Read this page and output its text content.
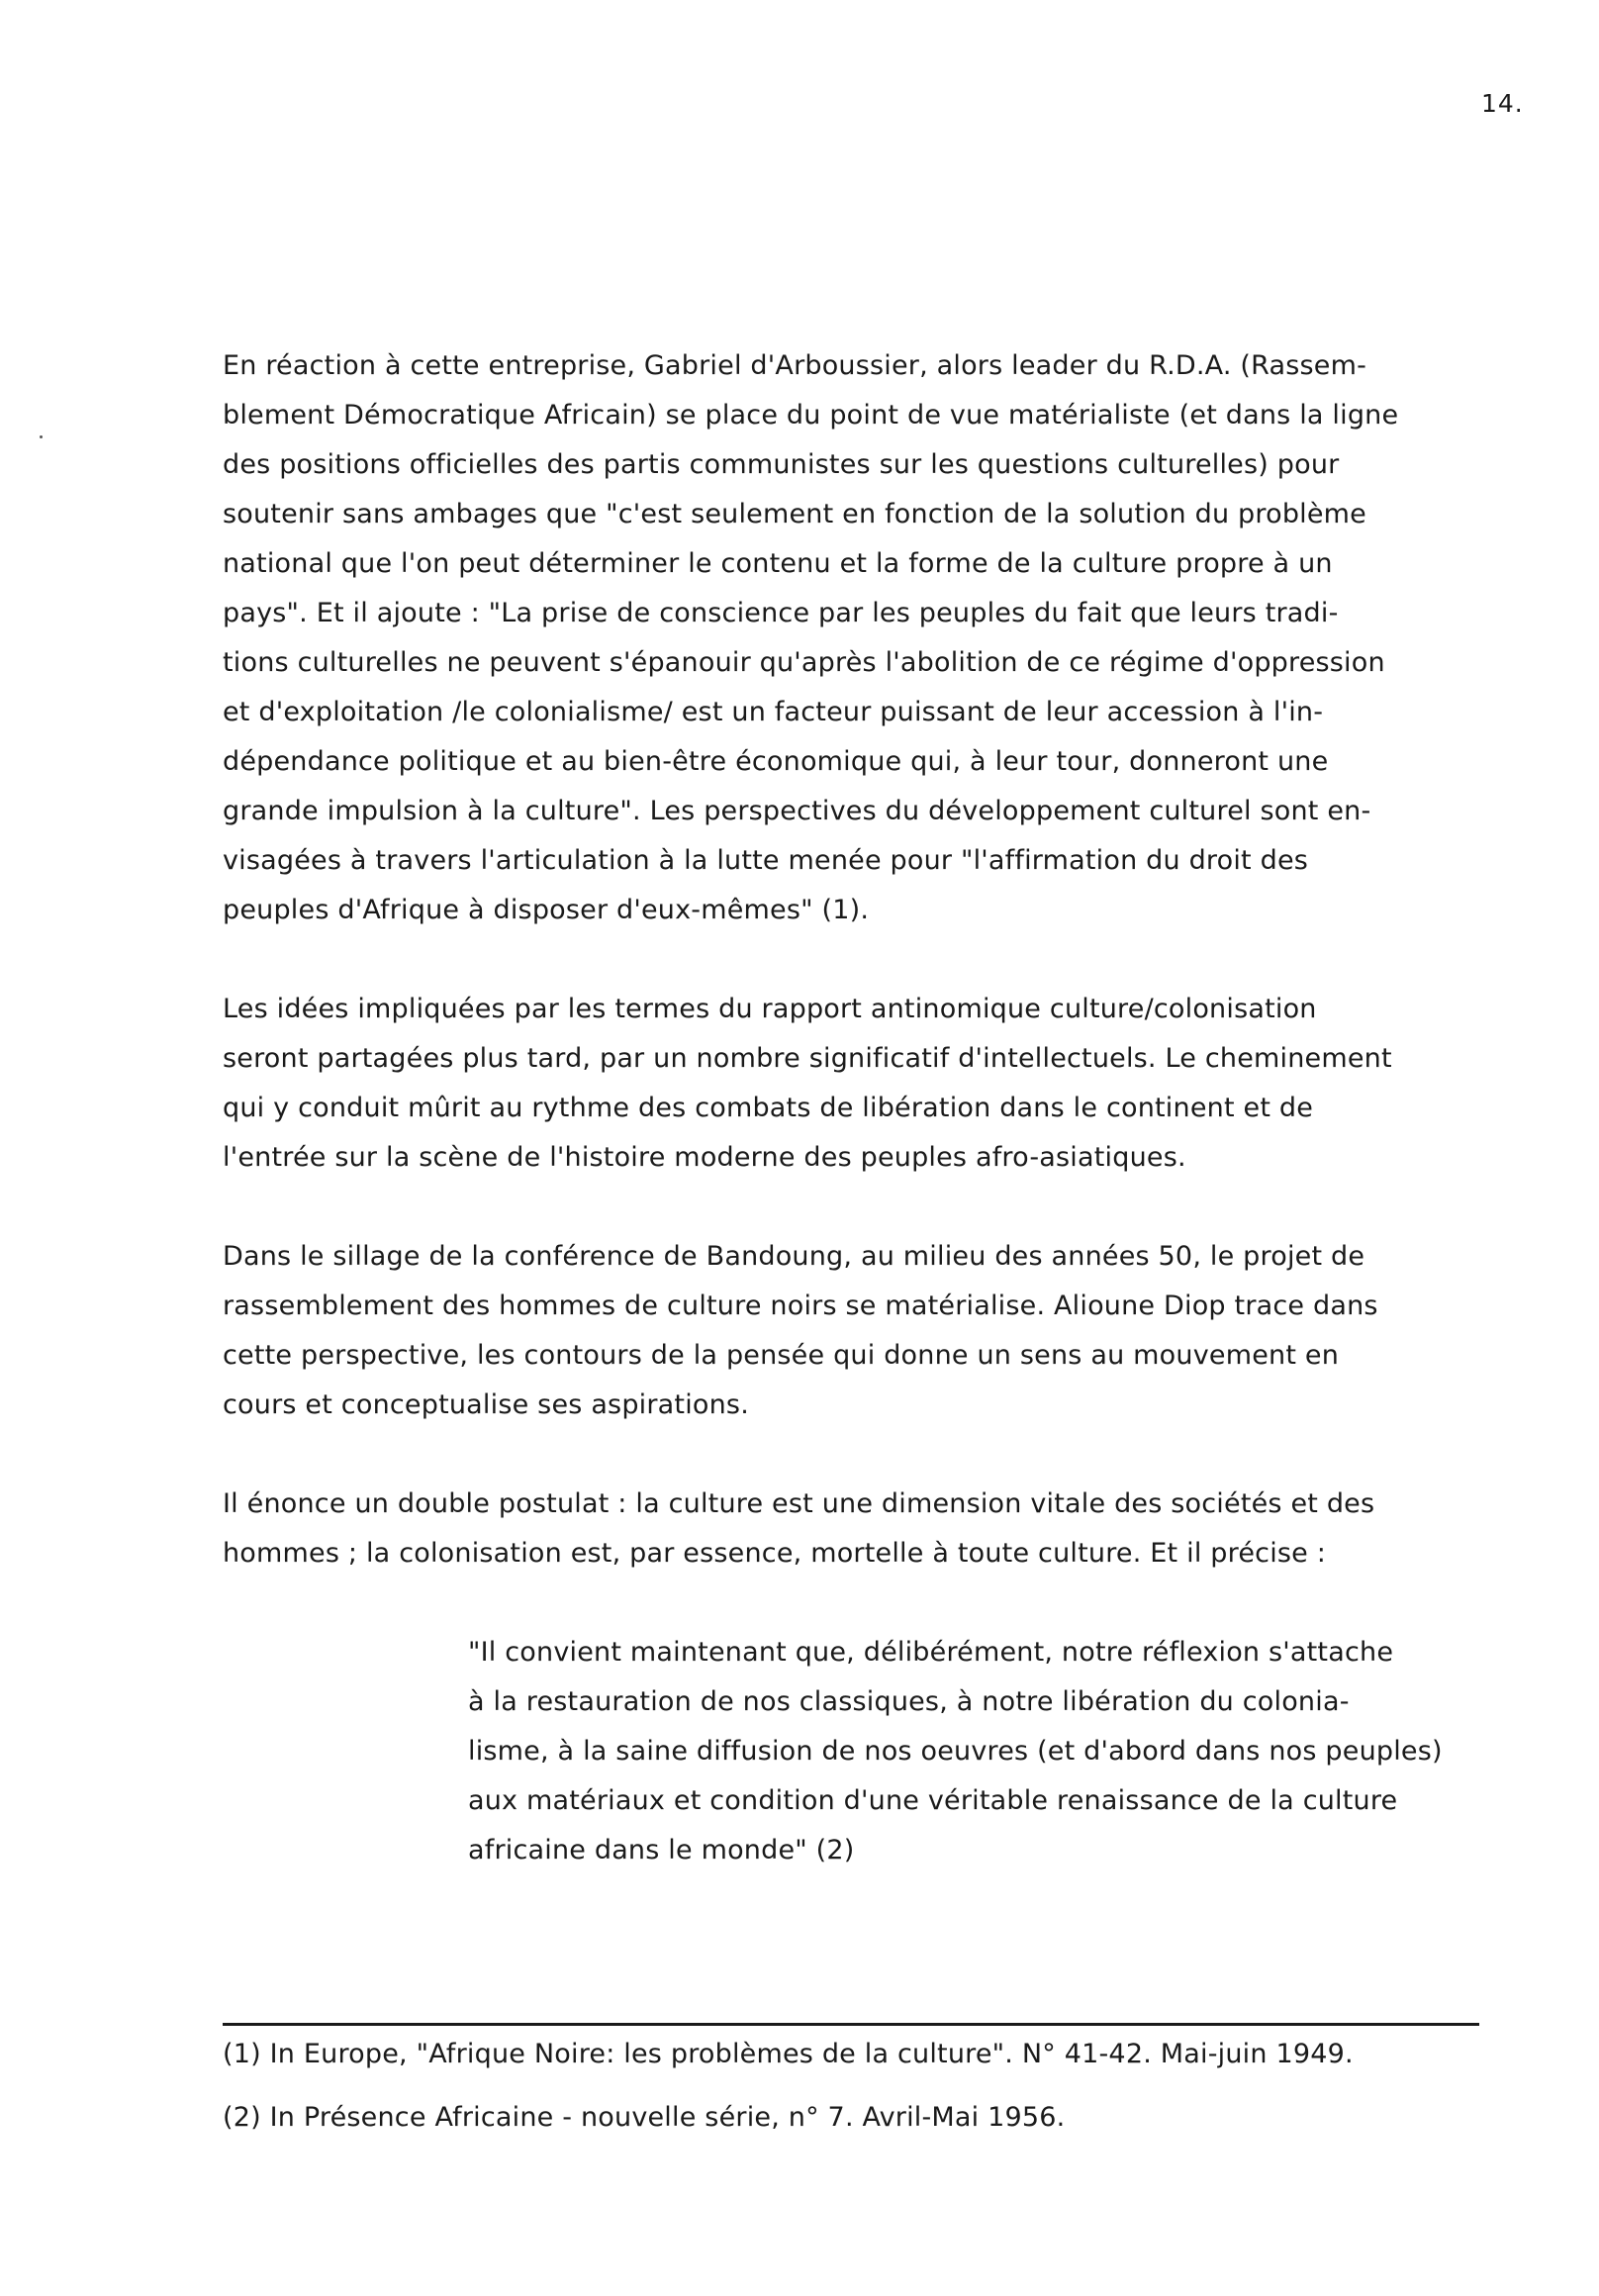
14.
En réaction à cette entreprise, Gabriel d'Arboussier, alors leader du R.D.A. (Rassem-
blement Démocratique Africain) se place du point de vue matérialiste (et dans la ligne
des positions officielles des partis communistes sur les questions culturelles) pour
soutenir sans ambages que "c'est seulement en fonction de la solution du problème
national que l'on peut déterminer le contenu et la forme de la culture propre à un
pays". Et il ajoute : "La prise de conscience par les peuples du fait que leurs tradi-
tions culturelles ne peuvent s'épanouir qu'après l'abolition de ce régime d'oppression
et d'exploitation /le colonialisme/ est un facteur puissant de leur accession à l'in-
dépendance politique et au bien-être économique qui, à leur tour, donneront une
grande impulsion à la culture". Les perspectives du développement culturel sont en-
visagées à travers l'articulation à la lutte menée pour "l'affirmation du droit des
peuples d'Afrique à disposer d'eux-mêmes" (1).
Les idées impliquées par les termes du rapport antinomique culture/colonisation
seront partagées plus tard, par un nombre significatif d'intellectuels. Le cheminement
qui y conduit mûrit au rythme des combats de libération dans le continent et de
l'entrée sur la scène de l'histoire moderne des peuples afro-asiatiques.
Dans le sillage de la conférence de Bandoung, au milieu des années 50, le projet de
rassemblement des hommes de culture noirs se matérialise. Alioune Diop trace dans
cette perspective, les contours de la pensée qui donne un sens au mouvement en
cours et conceptualise ses aspirations.
Il énonce un double postulat : la culture est une dimension vitale des sociétés et des
hommes ; la colonisation est, par essence, mortelle à toute culture. Et il précise :
"Il convient maintenant que, délibérément, notre réflexion s'attache
à la restauration de nos classiques, à notre libération du colonia-
lisme, à la saine diffusion de nos oeuvres (et d'abord dans nos peuples)
aux matériaux et condition d'une véritable renaissance de la culture
africaine dans le monde" (2)
(1) In Europe, "Afrique Noire: les problèmes de la culture". N° 41-42. Mai-juin 1949.
(2) In Présence Africaine - nouvelle série, n° 7. Avril-Mai 1956.
